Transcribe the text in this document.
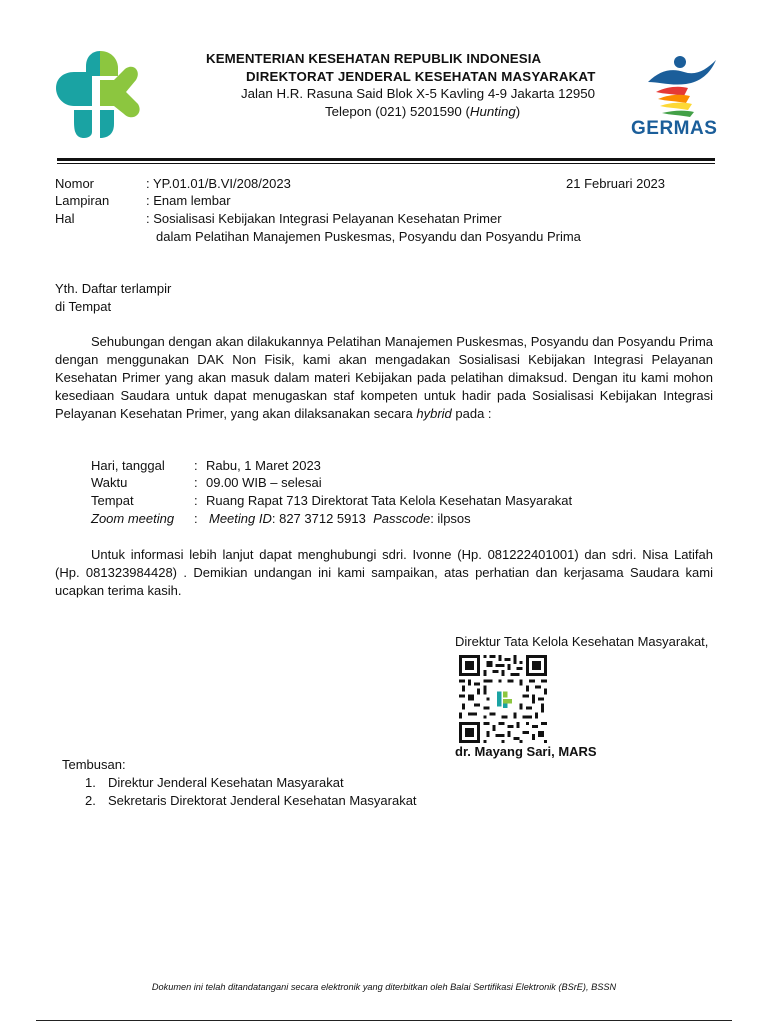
KEMENTERIAN KESEHATAN REPUBLIK INDONESIA
DIREKTORAT JENDERAL KESEHATAN MASYARAKAT
Jalan H.R. Rasuna Said Blok X-5 Kavling 4-9 Jakarta 12950
Telepon (021) 5201590 (Hunting)
GERMAS
Nomor	: YP.01.01/B.VI/208/2023	21 Februari 2023
Lampiran	: Enam lembar
Hal	: Sosialisasi Kebijakan Integrasi Pelayanan Kesehatan Primer
dalam Pelatihan Manajemen Puskesmas, Posyandu dan Posyandu Prima
Yth. Daftar terlampir
di Tempat
Sehubungan dengan akan dilakukannya Pelatihan Manajemen Puskesmas, Posyandu dan Posyandu Prima dengan menggunakan DAK Non Fisik, kami akan mengadakan Sosialisasi Kebijakan Integrasi Pelayanan Kesehatan Primer yang akan masuk dalam materi Kebijakan pada pelatihan dimaksud. Dengan itu kami mohon kesediaan Saudara untuk dapat menugaskan staf kompeten untuk hadir pada Sosialisasi Kebijakan Integrasi Pelayanan Kesehatan Primer, yang akan dilaksanakan secara hybrid pada :
Hari, tanggal : Rabu, 1 Maret 2023
Waktu	: 09.00 WIB – selesai
Tempat	: Ruang Rapat 713 Direktorat Tata Kelola Kesehatan Masyarakat
Zoom meeting : Meeting ID: 827 3712 5913 Passcode: ilpsos
Untuk informasi lebih lanjut dapat menghubungi sdri. Ivonne (Hp. 081222401001) dan sdri. Nisa Latifah (Hp. 081323984428) . Demikian undangan ini kami sampaikan, atas perhatian dan kerjasama Saudara kami ucapkan terima kasih.
Direktur Tata Kelola Kesehatan Masyarakat,
dr. Mayang Sari, MARS
Tembusan:
1. Direktur Jenderal Kesehatan Masyarakat
2. Sekretaris Direktorat Jenderal Kesehatan Masyarakat
Dokumen ini telah ditandatangani secara elektronik yang diterbitkan oleh Balai Sertifikasi Elektronik (BSrE), BSSN
